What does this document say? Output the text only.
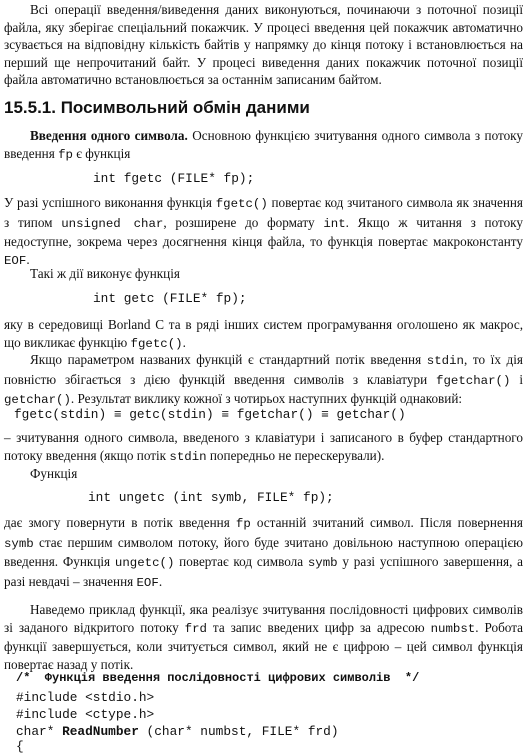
Всі операції введення/виведення даних виконуються, починаючи з поточної позиції файла, яку зберігає спеціальний покажчик. У процесі введення цей покажчик автоматично зсувається на відповідну кількість байтів у напрямку до кінця потоку і встановлюється на перший ще непрочитаний байт. У процесі виведення даних покажчик поточної позиції файла автоматично встановлюється за останнім записаним байтом.

15.5.1. Посимвольний обмін даними

Введення одного символа. Основною функцією зчитування одного символа з потоку введення fp є функція

int fgetc (FILE* fp);

У разі успішного виконання функція fgetc() повертає код зчитаного символа як значення з типом unsigned char, розширене до формату int. Якщо ж читання з потоку недоступне, зокрема через досягнення кінця файла, то функція повертає макроконстанту EOF.

Такі ж дії виконує функція

int getc (FILE* fp);

яку в середовищі Borland C та в ряді інших систем програмування оголошено як макрос, що викликає функцію fgetc().

Якщо параметром названих функцій є стандартний потік введення stdin, то їх дія повністю збігається з дією функцій введення символів з клавіатури fgetchar() і getchar(). Результат виклику кожної з чотирьох наступних функцій однаковий:

fgetc(stdin) ≡ getc(stdin) ≡ fgetchar() ≡ getchar()

– зчитування одного символа, введеного з клавіатури і записаного в буфер стандартного потоку введення (якщо потік stdin попередньо не перескерували).

Функція

int ungetc (int symb, FILE* fp);

дає змогу повернути в потік введення fp останній зчитаний символ. Після повернення symb стає першим символом потоку, його буде зчитано довільною наступною операцією введення. Функція ungetc() повертає код символа symb у разі успішного завершення, а разі невдачі – значення EOF.

Наведемо приклад функції, яка реалізує зчитування послідовності цифрових символів зі заданого відкритого потоку frd та запис введених цифр за адресою numbst. Робота функції завершується, коли зчитується символ, який не є цифрою – цей символ функція повертає назад у потік.

/*  Функція введення послідовності цифрових символів  */
#include <stdio.h>
#include <ctype.h>
char* ReadNumber (char* numbst, FILE* frd)
{
